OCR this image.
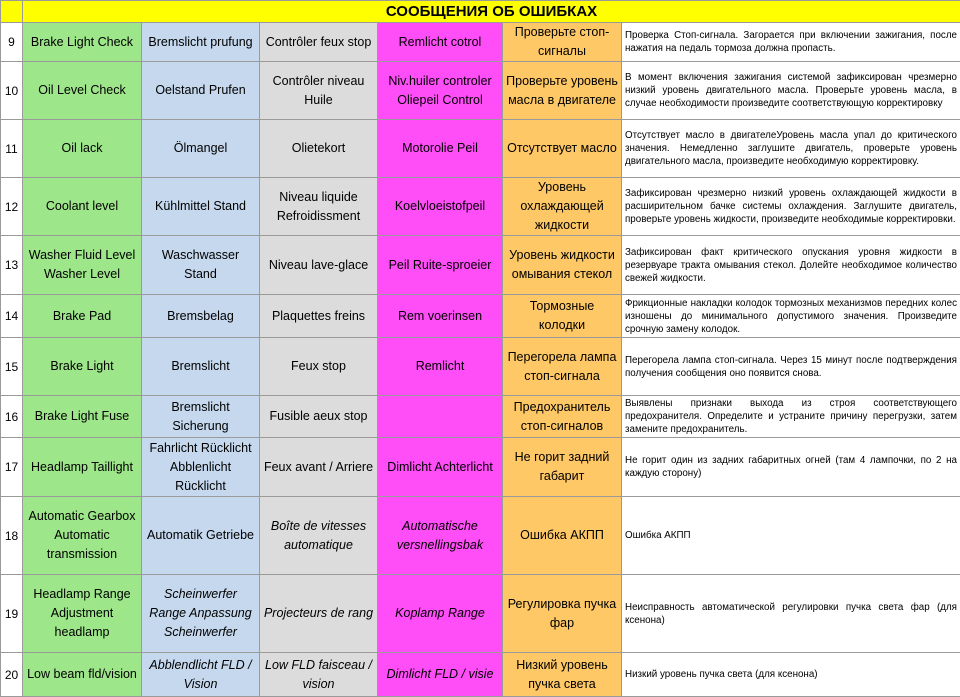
	СООБЩЕНИЯ ОБ ОШИБКАХ					
9	Brake Light Check	Bremslicht prufung	Contrôler feux stop	Remlicht cotrol	Проверьте стоп-сигналы	Проверка Стоп-сигнала. Загорается при включении зажигания, после нажатия на педаль тормоза должна пропасть.
10	Oil Level Check	Oelstand Prufen	Contrôler niveau Huile	Niv.huiler controler Oliepeil Control	Проверьте уровень масла в двигателе	В момент включения зажигания системой зафиксирован чрезмерно низкий уровень двигательного масла. Проверьте уровень масла, в случае необходимости произведите соответствующую корректировку
11	Oil lack	Ölmangel	Olietekort	Motorolie Peil	Отсутствует масло	Отсутствует масло в двигателеУровень масла упал до критического значения. Немедленно заглушите двигатель, проверьте уровень двигательного масла, произведите необходимую корректировку.
12	Coolant level	Kühlmittel Stand	Niveau liquide Refroidissment	Koelvloeistofpeil	Уровень охлаждающей жидкости	Зафиксирован чрезмерно низкий уровень охлаждающей жидкости в расширительном бачке системы охлаждения. Заглушите двигатель, проверьте уровень жидкости, произведите необходимые корректировки.
13	Washer Fluid Level Washer Level	Waschwasser Stand	Niveau lave-glace	Peil Ruite-sproeier	Уровень жидкости омывания стекол	Зафиксирован факт критического опускания уровня жидкости в резервуаре тракта омывания стекол. Долейте необходимое количество свежей жидкости.
14	Brake Pad	Bremsbelag	Plaquettes freins	Rem voerinsen	Тормозные колодки	Фрикционные накладки колодок тормозных механизмов передних колес изношены до минимального допустимого значения. Произведите срочную замену колодок.
15	Brake Light	Bremslicht	Feux stop	Remlicht	Перегорела лампа стоп-сигнала	Перегорела лампа стоп-сигнала. Через 15 минут после подтверждения получения сообщения оно появится снова.
16	Brake Light Fuse	Bremslicht Sicherung	Fusible aeux stop		Предохранитель стоп-сигналов	Выявлены признаки выхода из строя соответствующего предохранителя. Определите и устраните причину перегрузки, затем замените предохранитель.
17	Headlamp Taillight	Fahrlicht Rücklicht Abblenlicht Rücklicht	Feux avant / Arriere	Dimlicht Achterlicht	Не горит задний габарит	Не горит один из задних габаритных огней (там 4 лампочки, по 2 на каждую сторону)
18	Automatic Gearbox Automatic transmission	Automatik Getriebe	Boîte de vitesses automatique	Automatische versnellingsbak	Ошибка АКПП	Ошибка АКПП
19	Headlamp Range Adjustment headlamp	Scheinwerfer Range Anpassung Scheinwerfer	Projecteurs de rang	Koplamp Range	Регулировка пучка фар	Неисправность автоматической регулировки пучка света фар (для ксенона)
20	Low beam fld/vision	Abblendlicht FLD / Vision	Low FLD faisceau / vision	Dimlicht FLD / visie	Низкий уровень пучка света	Низкий уровень пучка света (для ксенона)
